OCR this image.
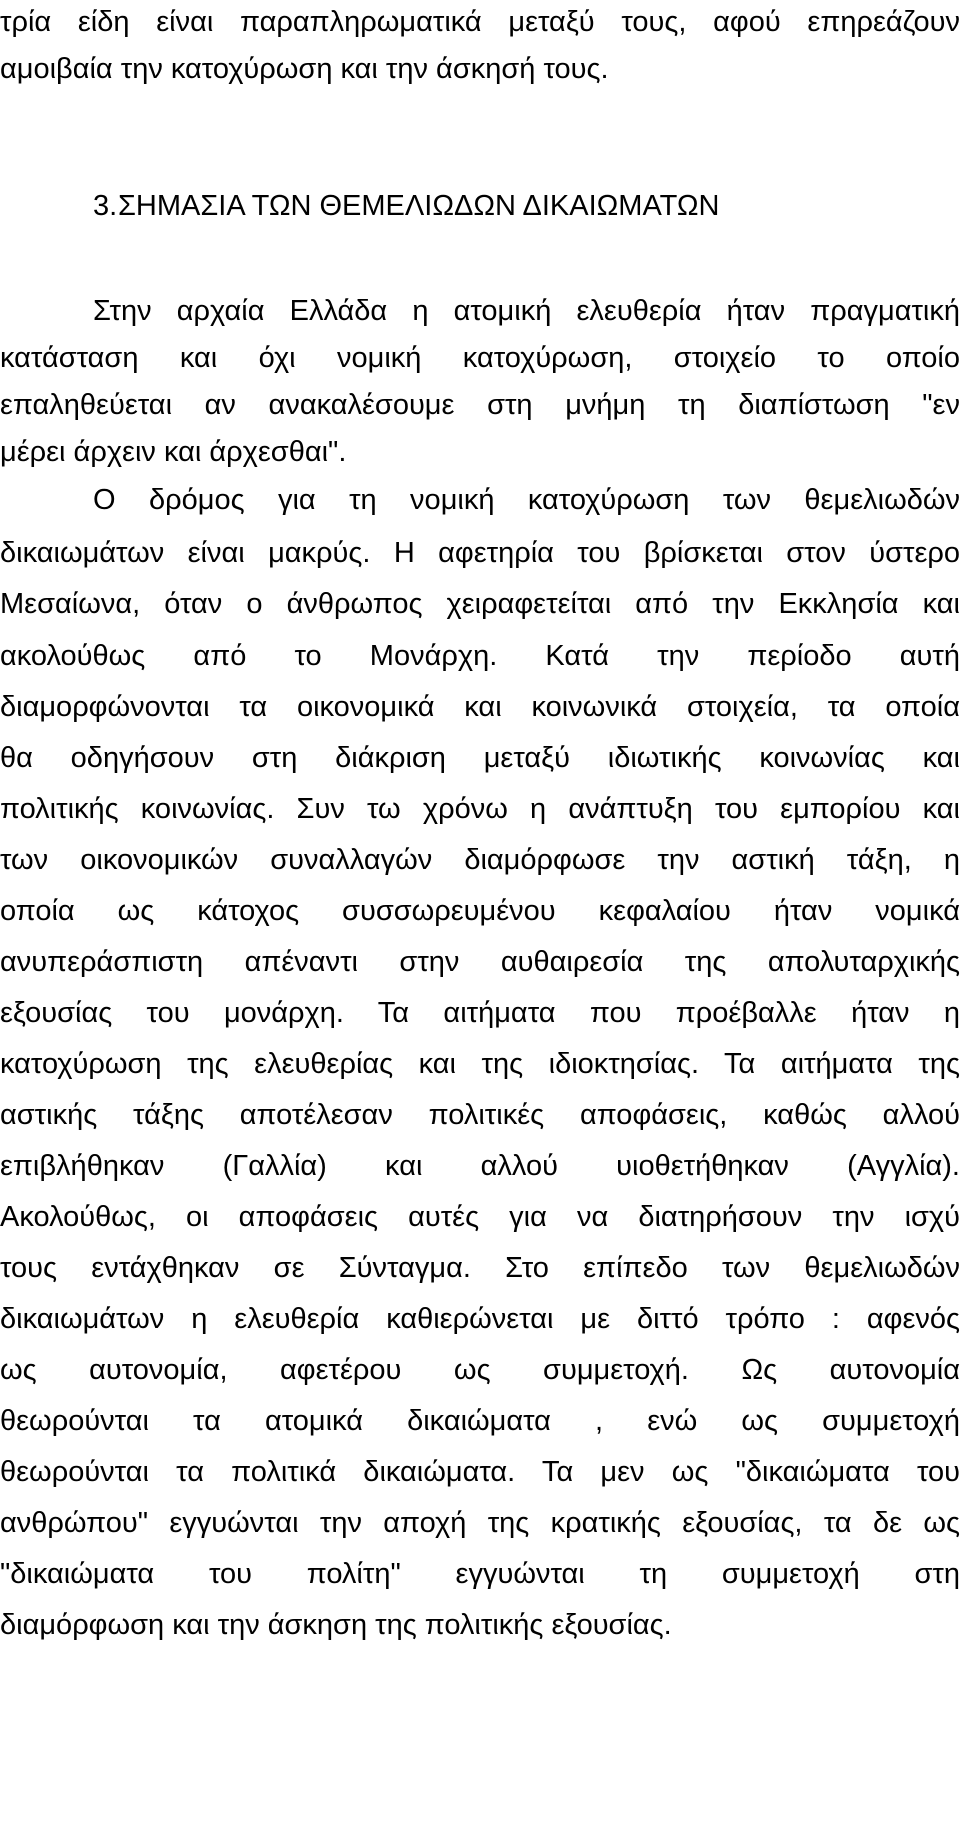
τρία είδη είναι παραπληρωματικά μεταξύ τους, αφού επηρεάζουν
αμοιβαία την κατοχύρωση και την άσκησή τους.
3. ΣΗΜΑΣΙΑ ΤΩΝ ΘΕΜΕΛΙΩΔΩΝ ΔΙΚΑΙΩΜΑΤΩΝ
Στην αρχαία Ελλάδα η ατομική ελευθερία ήταν πραγματική
κατάσταση και όχι νομική κατοχύρωση, στοιχείο το οποίο
επαληθεύεται αν ανακαλέσουμε στη μνήμη τη διαπίστωση "εν
μέρει άρχειν και άρχεσθαι".
Ο δρόμος για τη νομική κατοχύρωση των θεμελιωδών
δικαιωμάτων είναι μακρύς. Η αφετηρία του βρίσκεται στον ύστερο
Μεσαίωνα, όταν ο άνθρωπος χειραφετείται από την Εκκλησία και
ακολούθως από το Μονάρχη. Κατά την περίοδο αυτή
διαμορφώνονται τα οικονομικά και κοινωνικά στοιχεία, τα οποία
θα οδηγήσουν στη διάκριση μεταξύ ιδιωτικής κοινωνίας και
πολιτικής κοινωνίας. Συν τω χρόνω η ανάπτυξη του εμπορίου και
των οικονομικών συναλλαγών διαμόρφωσε την αστική τάξη, η
οποία ως κάτοχος συσσωρευμένου κεφαλαίου ήταν νομικά
ανυπεράσπιστη απέναντι στην αυθαιρεσία της απολυταρχικής
εξουσίας του μονάρχη. Τα αιτήματα που προέβαλλε ήταν η
κατοχύρωση της ελευθερίας και της ιδιοκτησίας. Τα αιτήματα της
αστικής τάξης αποτέλεσαν πολιτικές αποφάσεις, καθώς αλλού
επιβλήθηκαν (Γαλλία) και αλλού υιοθετήθηκαν (Αγγλία).
Ακολούθως, οι αποφάσεις αυτές για να διατηρήσουν την ισχύ
τους εντάχθηκαν σε Σύνταγμα. Στο επίπεδο των θεμελιωδών
δικαιωμάτων η ελευθερία καθιερώνεται με διττό τρόπο : αφενός
ως αυτονομία, αφετέρου ως συμμετοχή. Ως αυτονομία
θεωρούνται τα ατομικά δικαιώματα , ενώ ως συμμετοχή
θεωρούνται τα πολιτικά δικαιώματα. Τα μεν ως "δικαιώματα του
ανθρώπου" εγγυώνται την αποχή της κρατικής εξουσίας, τα δε ως
"δικαιώματα του πολίτη" εγγυώνται τη συμμετοχή στη
διαμόρφωση και την άσκηση της πολιτικής εξουσίας.
